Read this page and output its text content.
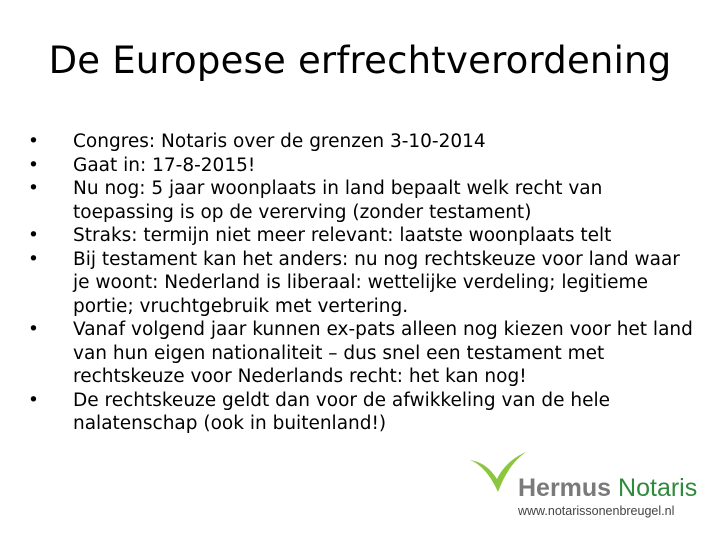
De Europese erfrechtverordening
•	Congres: Notaris over de grenzen 3-10-2014
•	Gaat in: 17-8-2015!
•	Nu nog: 5 jaar woonplaats in land bepaalt welk recht van toepassing is op de vererving (zonder testament)
•	Straks: termijn niet meer relevant: laatste woonplaats telt
•	Bij testament kan het anders: nu nog rechtskeuze voor land waar je woont: Nederland is liberaal: wettelijke verdeling; legitieme portie; vruchtgebruik met vertering.
•	Vanaf volgend jaar kunnen ex-pats alleen nog kiezen voor het land van hun eigen nationaliteit – dus snel een testament met rechtskeuze voor Nederlands recht: het kan nog!
•	De rechtskeuze geldt dan voor de afwikkeling van de hele nalatenschap (ook in buitenland!)
Hermus Notaris
www.notarissonenbreugel.nl
